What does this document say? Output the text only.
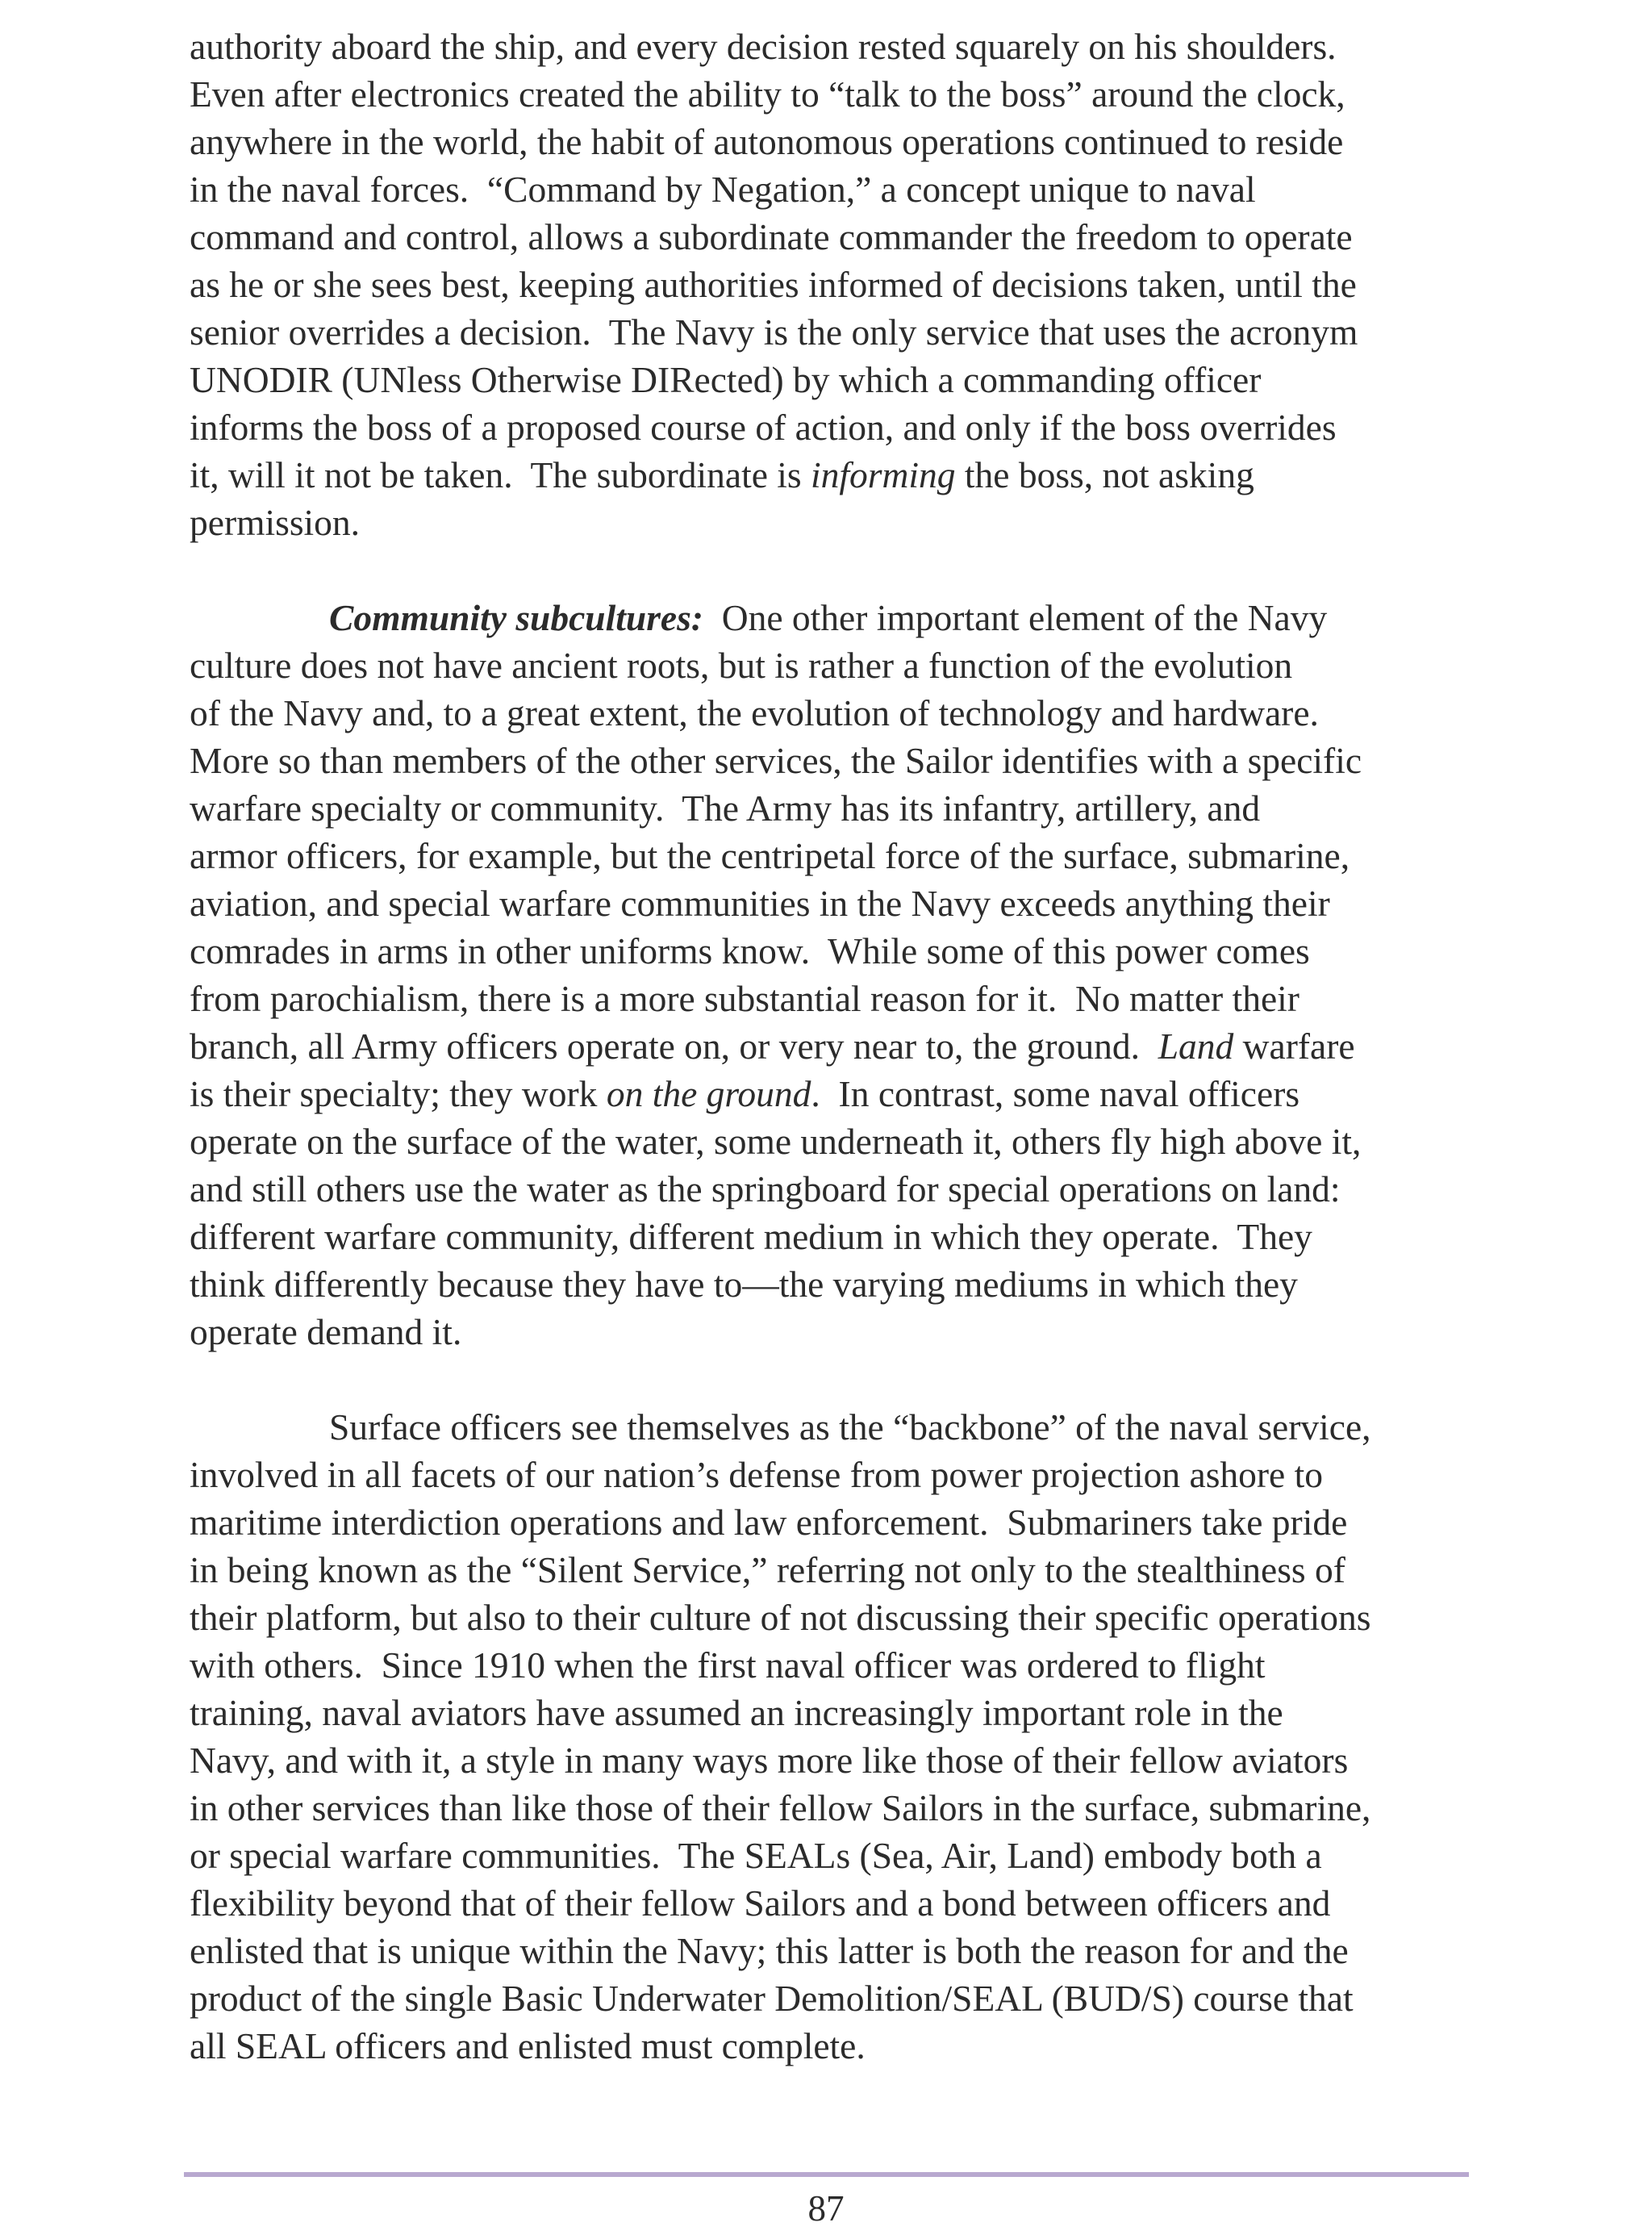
authority aboard the ship, and every decision rested squarely on his shoulders.
Even after electronics created the ability to “talk to the boss” around the clock,
anywhere in the world, the habit of autonomous operations continued to reside
in the naval forces.  “Command by Negation,” a concept unique to naval
command and control, allows a subordinate commander the freedom to operate
as he or she sees best, keeping authorities informed of decisions taken, until the
senior overrides a decision.  The Navy is the only service that uses the acronym
UNODIR (UNless Otherwise DIRected) by which a commanding officer
informs the boss of a proposed course of action, and only if the boss overrides
it, will it not be taken.  The subordinate is informing the boss, not asking
permission.
Community subcultures:  One other important element of the Navy
culture does not have ancient roots, but is rather a function of the evolution
of the Navy and, to a great extent, the evolution of technology and hardware.
More so than members of the other services, the Sailor identifies with a specific
warfare specialty or community.  The Army has its infantry, artillery, and
armor officers, for example, but the centripetal force of the surface, submarine,
aviation, and special warfare communities in the Navy exceeds anything their
comrades in arms in other uniforms know.  While some of this power comes
from parochialism, there is a more substantial reason for it.  No matter their
branch, all Army officers operate on, or very near to, the ground.  Land warfare
is their specialty; they work on the ground.  In contrast, some naval officers
operate on the surface of the water, some underneath it, others fly high above it,
and still others use the water as the springboard for special operations on land:
different warfare community, different medium in which they operate.  They
think differently because they have to—the varying mediums in which they
operate demand it.
Surface officers see themselves as the “backbone” of the naval service,
involved in all facets of our nation’s defense from power projection ashore to
maritime interdiction operations and law enforcement.  Submariners take pride
in being known as the “Silent Service,” referring not only to the stealthiness of
their platform, but also to their culture of not discussing their specific operations
with others.  Since 1910 when the first naval officer was ordered to flight
training, naval aviators have assumed an increasingly important role in the
Navy, and with it, a style in many ways more like those of their fellow aviators
in other services than like those of their fellow Sailors in the surface, submarine,
or special warfare communities.  The SEALs (Sea, Air, Land) embody both a
flexibility beyond that of their fellow Sailors and a bond between officers and
enlisted that is unique within the Navy; this latter is both the reason for and the
product of the single Basic Underwater Demolition/SEAL (BUD/S) course that
all SEAL officers and enlisted must complete.
87
